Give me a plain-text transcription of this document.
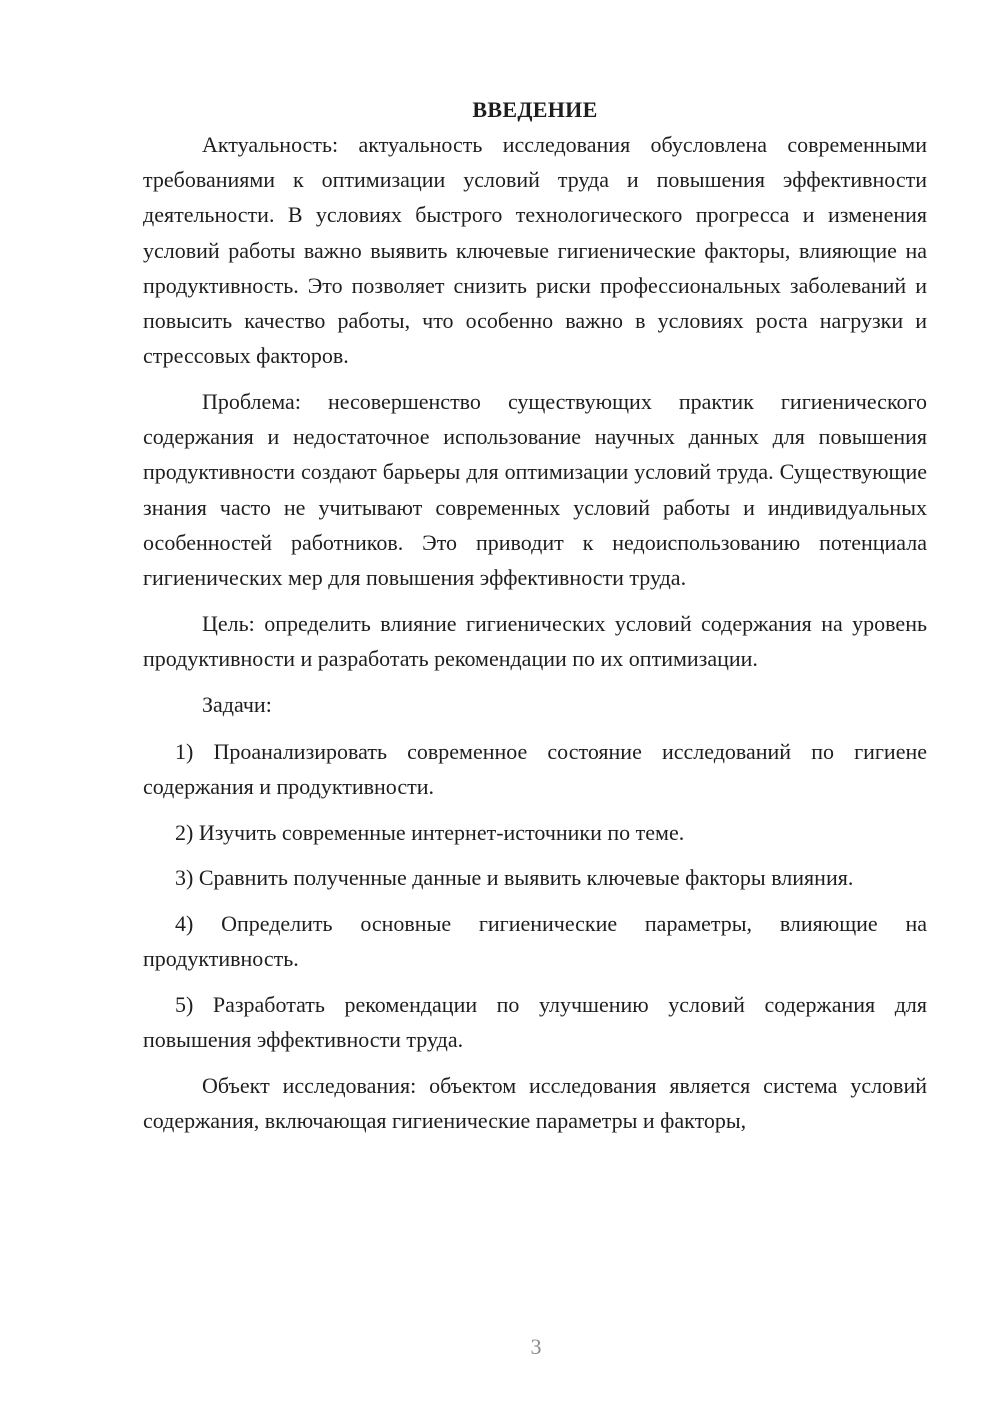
ВВЕДЕНИЕ

Актуальность: актуальность исследования обусловлена современными требованиями к оптимизации условий труда и повышения эффективности деятельности. В условиях быстрого технологического прогресса и изменения условий работы важно выявить ключевые гигиенические факторы, влияющие на продуктивность. Это позволяет снизить риски профессиональных заболеваний и повысить качество работы, что особенно важно в условиях роста нагрузки и стрессовых факторов.

Проблема: несовершенство существующих практик гигиенического содержания и недостаточное использование научных данных для повышения продуктивности создают барьеры для оптимизации условий труда. Существующие знания часто не учитывают современных условий работы и индивидуальных особенностей работников. Это приводит к недоиспользованию потенциала гигиенических мер для повышения эффективности труда.

Цель: определить влияние гигиенических условий содержания на уровень продуктивности и разработать рекомендации по их оптимизации.

Задачи:

1) Проанализировать современное состояние исследований по гигиене содержания и продуктивности.

2) Изучить современные интернет-источники по теме.

3) Сравнить полученные данные и выявить ключевые факторы влияния.

4) Определить основные гигиенические параметры, влияющие на продуктивность.

5) Разработать рекомендации по улучшению условий содержания для повышения эффективности труда.

Объект исследования: объектом исследования является система условий содержания, включающая гигиенические параметры и факторы,

3
